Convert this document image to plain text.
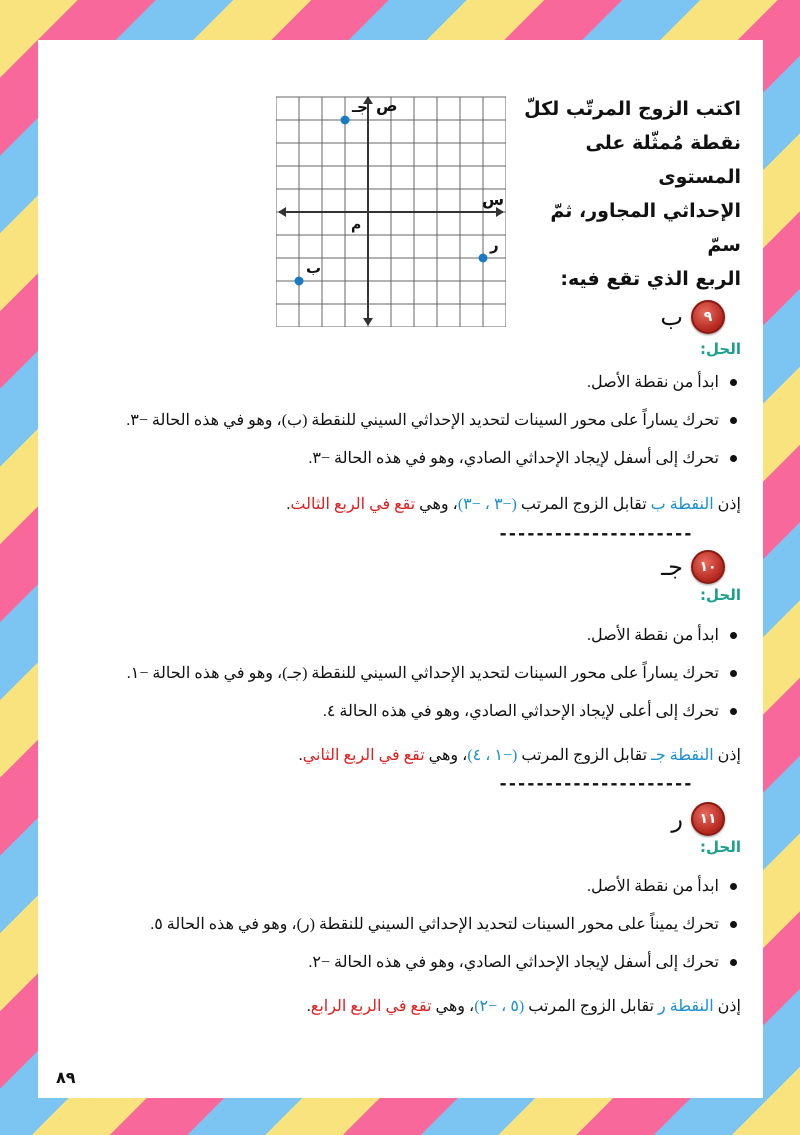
اكتب الزوج المرتّب لكلّ
نقطة مُمثّلة على المستوى
الإحداثي المجاور، ثمّ سمّ
الربع الذي تقع فيه:
ص
س
م
ب
جـ
ر
٩
ب
الحل:
ابدأ من نقطة الأصل.
تحرك يساراً على محور السينات لتحديد الإحداثي السيني للنقطة (ب)، وهو في هذه الحالة −٣.
تحرك إلى أسفل لإيجاد الإحداثي الصادي، وهو في هذه الحالة −٣.
إذن النقطة ب تقابل الزوج المرتب (−٣ ، −٣)، وهي تقع في الربع الثالث.
---------------------
١٠
جـ
الحل:
ابدأ من نقطة الأصل.
تحرك يساراً على محور السينات لتحديد الإحداثي السيني للنقطة (جـ)، وهو في هذه الحالة −١.
تحرك إلى أعلى لإيجاد الإحداثي الصادي، وهو في هذه الحالة ٤.
إذن النقطة جـ تقابل الزوج المرتب (−١ ، ٤)، وهي تقع في الربع الثاني.
---------------------
١١
ر
الحل:
ابدأ من نقطة الأصل.
تحرك يميناً على محور السينات لتحديد الإحداثي السيني للنقطة (ر)، وهو في هذه الحالة ٥.
تحرك إلى أسفل لإيجاد الإحداثي الصادي، وهو في هذه الحالة −٢.
إذن النقطة ر تقابل الزوج المرتب (٥ ، −٢)، وهي تقع في الربع الرابع.
٨٩
